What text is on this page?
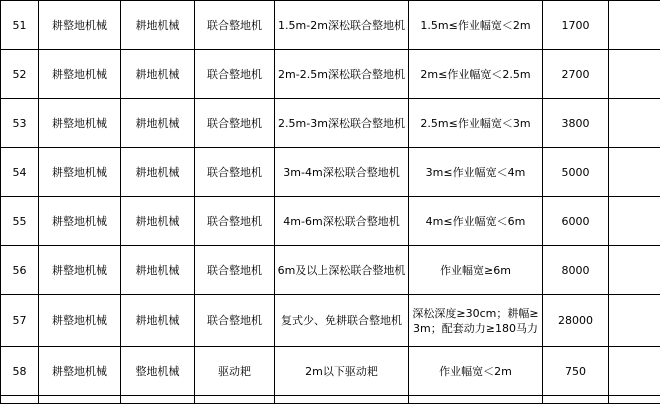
51	耕整地机械	耕地机械	联合整地机	1.5m-2m深松联合整地机	1.5m≤作业幅宽＜2m	1700	
52	耕整地机械	耕地机械	联合整地机	2m-2.5m深松联合整地机	2m≤作业幅宽＜2.5m	2700	
53	耕整地机械	耕地机械	联合整地机	2.5m-3m深松联合整地机	2.5m≤作业幅宽＜3m	3800	
54	耕整地机械	耕地机械	联合整地机	3m-4m深松联合整地机	3m≤作业幅宽＜4m	5000	
55	耕整地机械	耕地机械	联合整地机	4m-6m深松联合整地机	4m≤作业幅宽＜6m	6000	
56	耕整地机械	耕地机械	联合整地机	6m及以上深松联合整地机	作业幅宽≥6m	8000	
57	耕整地机械	耕地机械	联合整地机	复式少、免耕联合整地机	深松深度≥30cm；耕幅≥3m；配套动力≥180马力	28000	
58	耕整地机械	整地机械	驱动耙	2m以下驱动耙	作业幅宽＜2m	750	
